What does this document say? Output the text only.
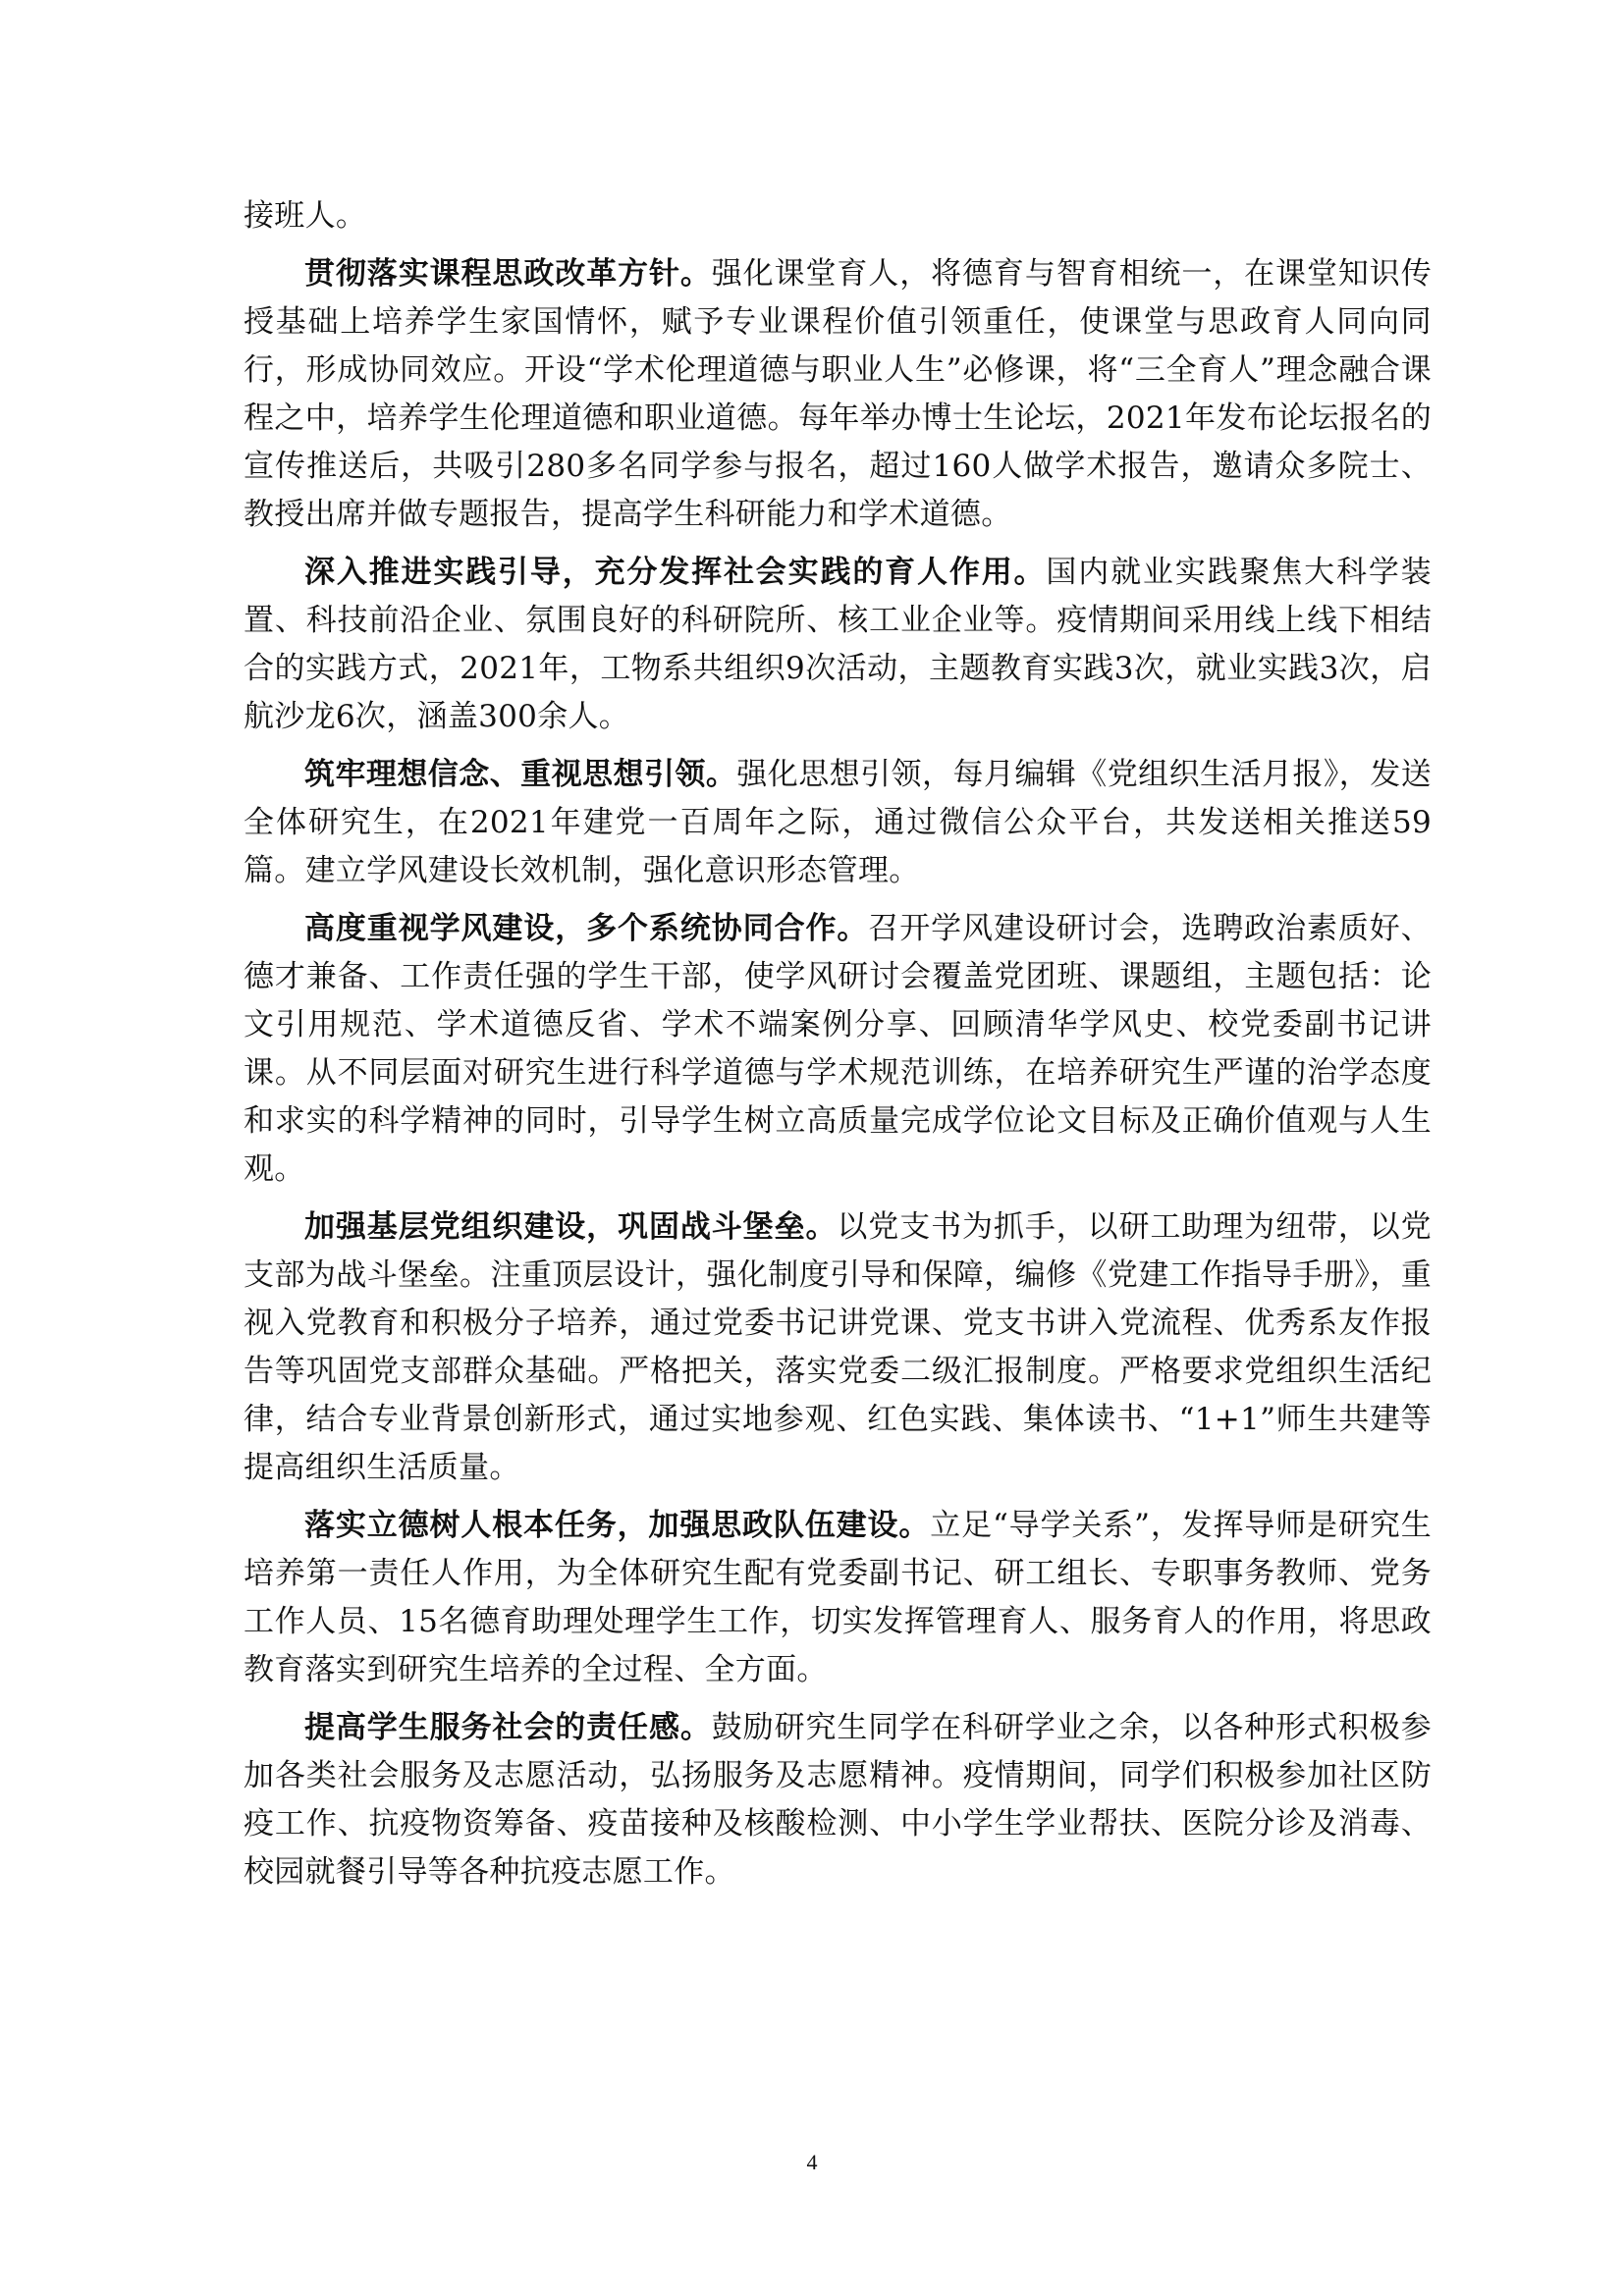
接班人。

贯彻落实课程思政改革方针。强化课堂育人，将德育与智育相统一，在课堂知识传授基础上培养学生家国情怀，赋予专业课程价值引领重任，使课堂与思政育人同向同行，形成协同效应。开设“学术伦理道德与职业人生”必修课，将“三全育人”理念融合课程之中，培养学生伦理道德和职业道德。每年举办博士生论坛，2021年发布论坛报名的宣传推送后，共吸引280多名同学参与报名，超过160人做学术报告，邀请众多院士、教授出席并做专题报告，提高学生科研能力和学术道德。

深入推进实践引导，充分发挥社会实践的育人作用。国内就业实践聚焦大科学装置、科技前沿企业、氛围良好的科研院所、核工业企业等。疫情期间采用线上线下相结合的实践方式，2021年，工物系共组织9次活动，主题教育实践3次，就业实践3次，启航沙龙6次，涵盖300余人。

筑牢理想信念、重视思想引领。强化思想引领，每月编辑《党组织生活月报》，发送全体研究生，在2021年建党一百周年之际，通过微信公众平台，共发送相关推送59篇。建立学风建设长效机制，强化意识形态管理。

高度重视学风建设，多个系统协同合作。召开学风建设研讨会，选聘政治素质好、德才兼备、工作责任强的学生干部，使学风研讨会覆盖党团班、课题组，主题包括：论文引用规范、学术道德反省、学术不端案例分享、回顾清华学风史、校党委副书记讲课。从不同层面对研究生进行科学道德与学术规范训练，在培养研究生严谨的治学态度和求实的科学精神的同时，引导学生树立高质量完成学位论文目标及正确价值观与人生观。

加强基层党组织建设，巩固战斗堡垒。以党支书为抓手，以研工助理为纽带，以党支部为战斗堡垒。注重顶层设计，强化制度引导和保障，编修《党建工作指导手册》，重视入党教育和积极分子培养，通过党委书记讲党课、党支书讲入党流程、优秀系友作报告等巩固党支部群众基础。严格把关，落实党委二级汇报制度。严格要求党组织生活纪律，结合专业背景创新形式，通过实地参观、红色实践、集体读书、“1+1”师生共建等提高组织生活质量。

落实立德树人根本任务，加强思政队伍建设。立足“导学关系”，发挥导师是研究生培养第一责任人作用，为全体研究生配有党委副书记、研工组长、专职事务教师、党务工作人员、15名德育助理处理学生工作，切实发挥管理育人、服务育人的作用，将思政教育落实到研究生培养的全过程、全方面。

提高学生服务社会的责任感。鼓励研究生同学在科研学业之余，以各种形式积极参加各类社会服务及志愿活动，弘扬服务及志愿精神。疫情期间，同学们积极参加社区防疫工作、抗疫物资筹备、疫苗接种及核酸检测、中小学生学业帮扶、医院分诊及消毒、校园就餐引导等各种抗疫志愿工作。

4
